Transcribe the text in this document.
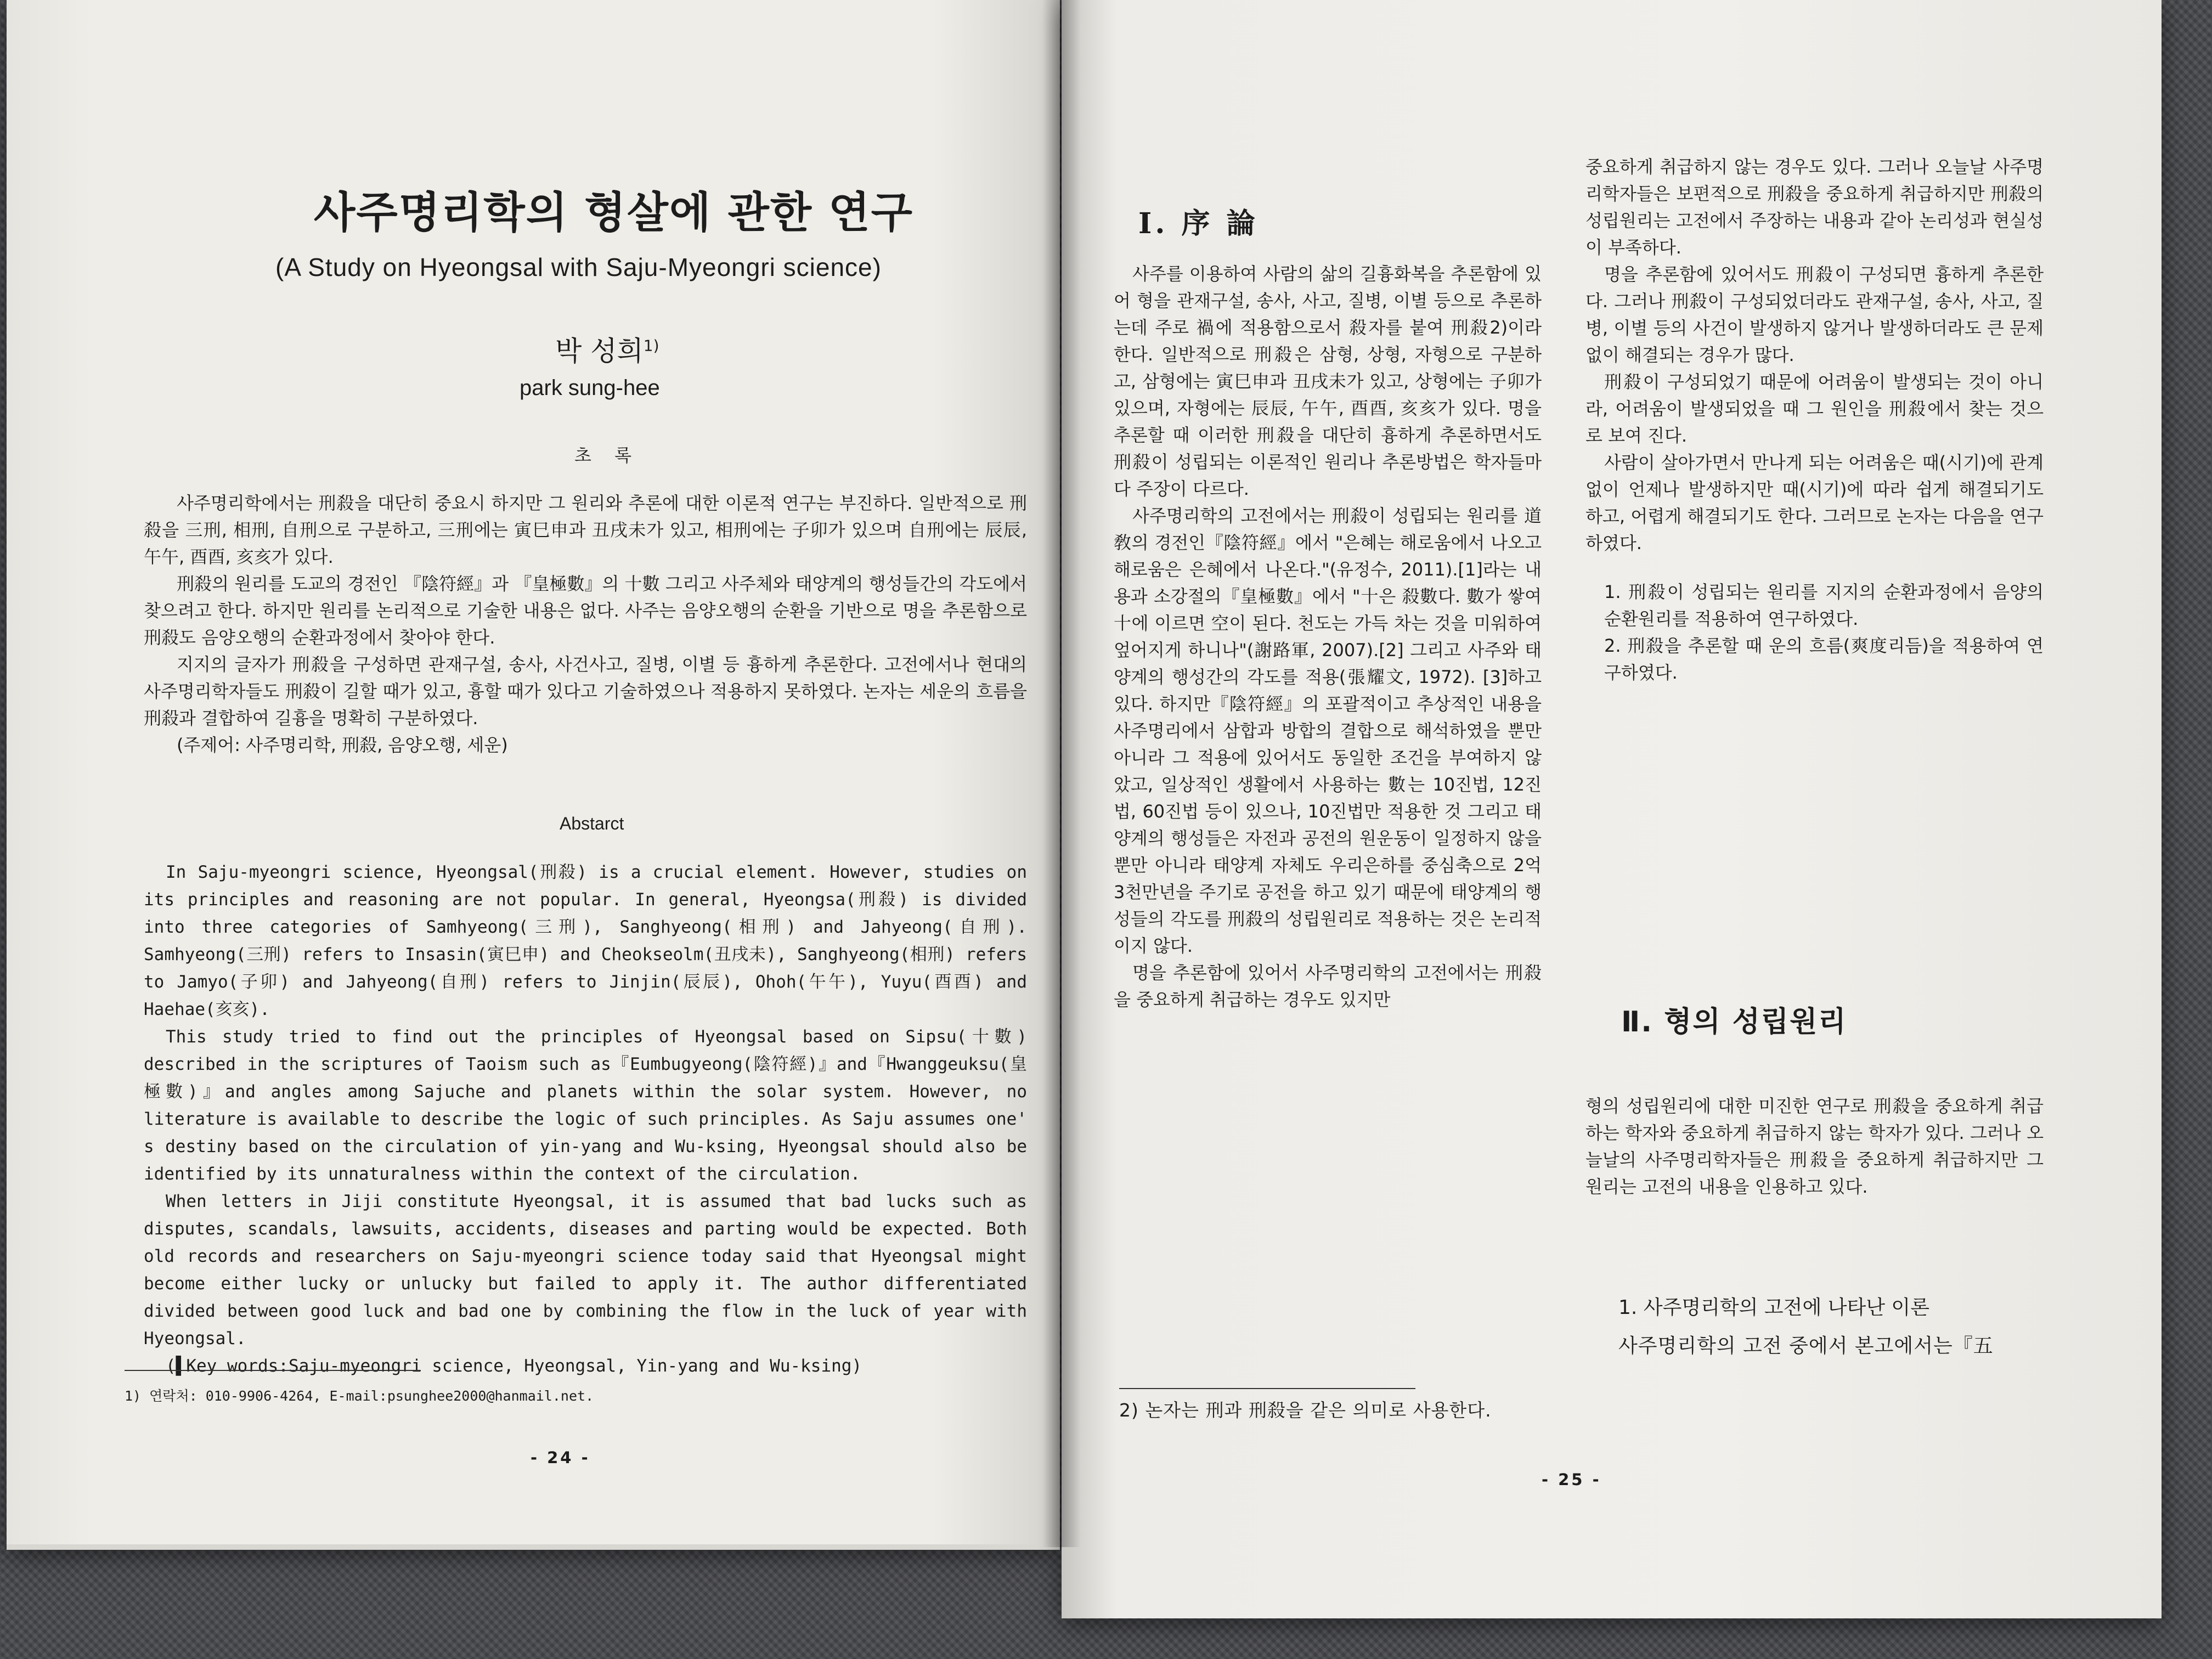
사주명리학의 형살에 관한 연구
(A Study on Hyeongsal with Saju-Myeongri science)
박 성희$^{1)}$
park sung-hee
초 록

사주명리학에서는 刑殺을 대단히 중요시 하지만 그 원리와 추론에 대한 이론적 연구는 부진하다. 일반적으로 刑殺을 三刑, 相刑, 自刑으로 구분하고, 三刑에는 寅巳申과 丑戌未가 있고, 相刑에는 子卯가 있으며 自刑에는 辰辰, 午午, 酉酉, 亥亥가 있다.

刑殺의 원리를 도교의 경전인 『陰符經』과 『皇極數』의 十數 그리고 사주체와 태양계의 행성들간의 각도에서 찾으려고 한다. 하지만 원리를 논리적으로 기술한 내용은 없다. 사주는 음양오행의 순환을 기반으로 명을 추론함으로 刑殺도 음양오행의 순환과정에서 찾아야 한다.

지지의 글자가 刑殺을 구성하면 관재구설, 송사, 사건사고, 질병, 이별 등 흉하게 추론한다. 고전에서나 현대의 사주명리학자들도 刑殺이 길할 때가 있고, 흉할 때가 있다고 기술하였으나 적용하지 못하였다. 논자는 세운의 흐름을 刑殺과 결합하여 길흉을 명확히 구분하였다.

(주제어: 사주명리학, 刑殺, 음양오행, 세운)

Abstarct

In Saju-myeongri science, Hyeongsal(刑殺) is a crucial element. However, studies on its principles and reasoning are not popular. In general, Hyeongsa(刑殺) is divided into three categories of Samhyeong(三刑), Sanghyeong(相刑) and Jahyeong(自刑). Samhyeong(三刑) refers to Insasin(寅巳申) and Cheokseolm(丑戌未), Sanghyeong(相刑) refers to Jamyo(子卯) and Jahyeong(自刑) refers to Jinjin(辰辰), Ohoh(午午), Yuyu(酉酉) and Haehae(亥亥).

This study tried to find out the principles of Hyeongsal based on Sipsu(十數) described in the scriptures of Taoism such as『Eumbugyeong(陰符經)』and『Hwanggeuksu(皇極數)』and angles among Sajuche and planets within the solar system. However, no literature is available to describe the logic of such principles. As Saju assumes one' s destiny based on the circulation of yin-yang and Wu-ksing, Hyeongsal should also be identified by its unnaturalness within the context of the circulation.

When letters in Jiji constitute Hyeongsal, it is assumed that bad lucks such as disputes, scandals, lawsuits, accidents, diseases and parting would be expected. Both old records and researchers on Saju-myeongri science today said that Hyeongsal might become either lucky or unlucky but failed to apply it. The author differentiated divided between good luck and bad one by combining the flow in the luck of year with Hyeongsal.

(▌Key words:Saju-myeongri science, Hyeongsal, Yin-yang and Wu-ksing)

1) 연락처: 010-9906-4264, E-mail:psunghee2000@hanmail.net.
- 24 -
Ⅰ. 序 論

사주를 이용하여 사람의 삶의 길흉화복을 추론함에 있어 형을 관재구설, 송사, 사고, 질병, 이별 등으로 추론하는데 주로 禍에 적용함으로서 殺자를 붙여 刑殺2)이라 한다. 일반적으로 刑殺은 삼형, 상형, 자형으로 구분하고, 삼형에는 寅巳申과 丑戌未가 있고, 상형에는 子卯가 있으며, 자형에는 辰辰, 午午, 酉酉, 亥亥가 있다. 명을 추론할 때 이러한 刑殺을 대단히 흉하게 추론하면서도 刑殺이 성립되는 이론적인 원리나 추론방법은 학자들마다 주장이 다르다.

사주명리학의 고전에서는 刑殺이 성립되는 원리를 道敎의 경전인『陰符經』에서 "은혜는 해로움에서 나오고 해로움은 은혜에서 나온다."(유정수, 2011).[1]라는 내용과 소강절의『皇極數』에서 "十은 殺數다. 數가 쌓여 十에 이르면 空이 된다. 천도는 가득 차는 것을 미워하여 엎어지게 하니나"(謝路軍, 2007).[2] 그리고 사주와 태양계의 행성간의 각도를 적용(張耀文, 1972). [3]하고 있다. 하지만『陰符經』의 포괄적이고 추상적인 내용을 사주명리에서 삼합과 방합의 결합으로 해석하였을 뿐만 아니라 그 적용에 있어서도 동일한 조건을 부여하지 않았고, 일상적인 생활에서 사용하는 數는 10진법, 12진법, 60진법 등이 있으나, 10진법만 적용한 것 그리고 태양계의 행성들은 자전과 공전의 원운동이 일정하지 않을 뿐만 아니라 태양계 자체도 우리은하를 중심축으로 2억3천만년을 주기로 공전을 하고 있기 때문에 태양계의 행성들의 각도를 刑殺의 성립원리로 적용하는 것은 논리적이지 않다.

명을 추론함에 있어서 사주명리학의 고전에서는 刑殺을 중요하게 취급하는 경우도 있지만

중요하게 취급하지 않는 경우도 있다. 그러나 오늘날 사주명리학자들은 보편적으로 刑殺을 중요하게 취급하지만 刑殺의 성립원리는 고전에서 주장하는 내용과 같아 논리성과 현실성이 부족하다.

명을 추론함에 있어서도 刑殺이 구성되면 흉하게 추론한다. 그러나 刑殺이 구성되었더라도 관재구설, 송사, 사고, 질병, 이별 등의 사건이 발생하지 않거나 발생하더라도 큰 문제없이 해결되는 경우가 많다.

刑殺이 구성되었기 때문에 어려움이 발생되는 것이 아니라, 어려움이 발생되었을 때 그 원인을 刑殺에서 찾는 것으로 보여 진다.

사람이 살아가면서 만나게 되는 어려움은 때(시기)에 관계없이 언제나 발생하지만 때(시기)에 따라 쉽게 해결되기도 하고, 어렵게 해결되기도 한다. 그러므로 논자는 다음을 연구하였다.

1. 刑殺이 성립되는 원리를 지지의 순환과정에서 음양의 순환원리를 적용하여 연구하였다.

2. 刑殺을 추론할 때 운의 흐름(爽度리듬)을 적용하여 연구하였다.

Ⅱ. 형의 성립원리

형의 성립원리에 대한 미진한 연구로 刑殺을 중요하게 취급하는 학자와 중요하게 취급하지 않는 학자가 있다. 그러나 오늘날의 사주명리학자들은 刑殺을 중요하게 취급하지만 그 원리는 고전의 내용을 인용하고 있다.

1. 사주명리학의 고전에 나타난 이론
사주명리학의 고전 중에서 본고에서는『五
2) 논자는 刑과 刑殺을 같은 의미로 사용한다.
- 25 -
